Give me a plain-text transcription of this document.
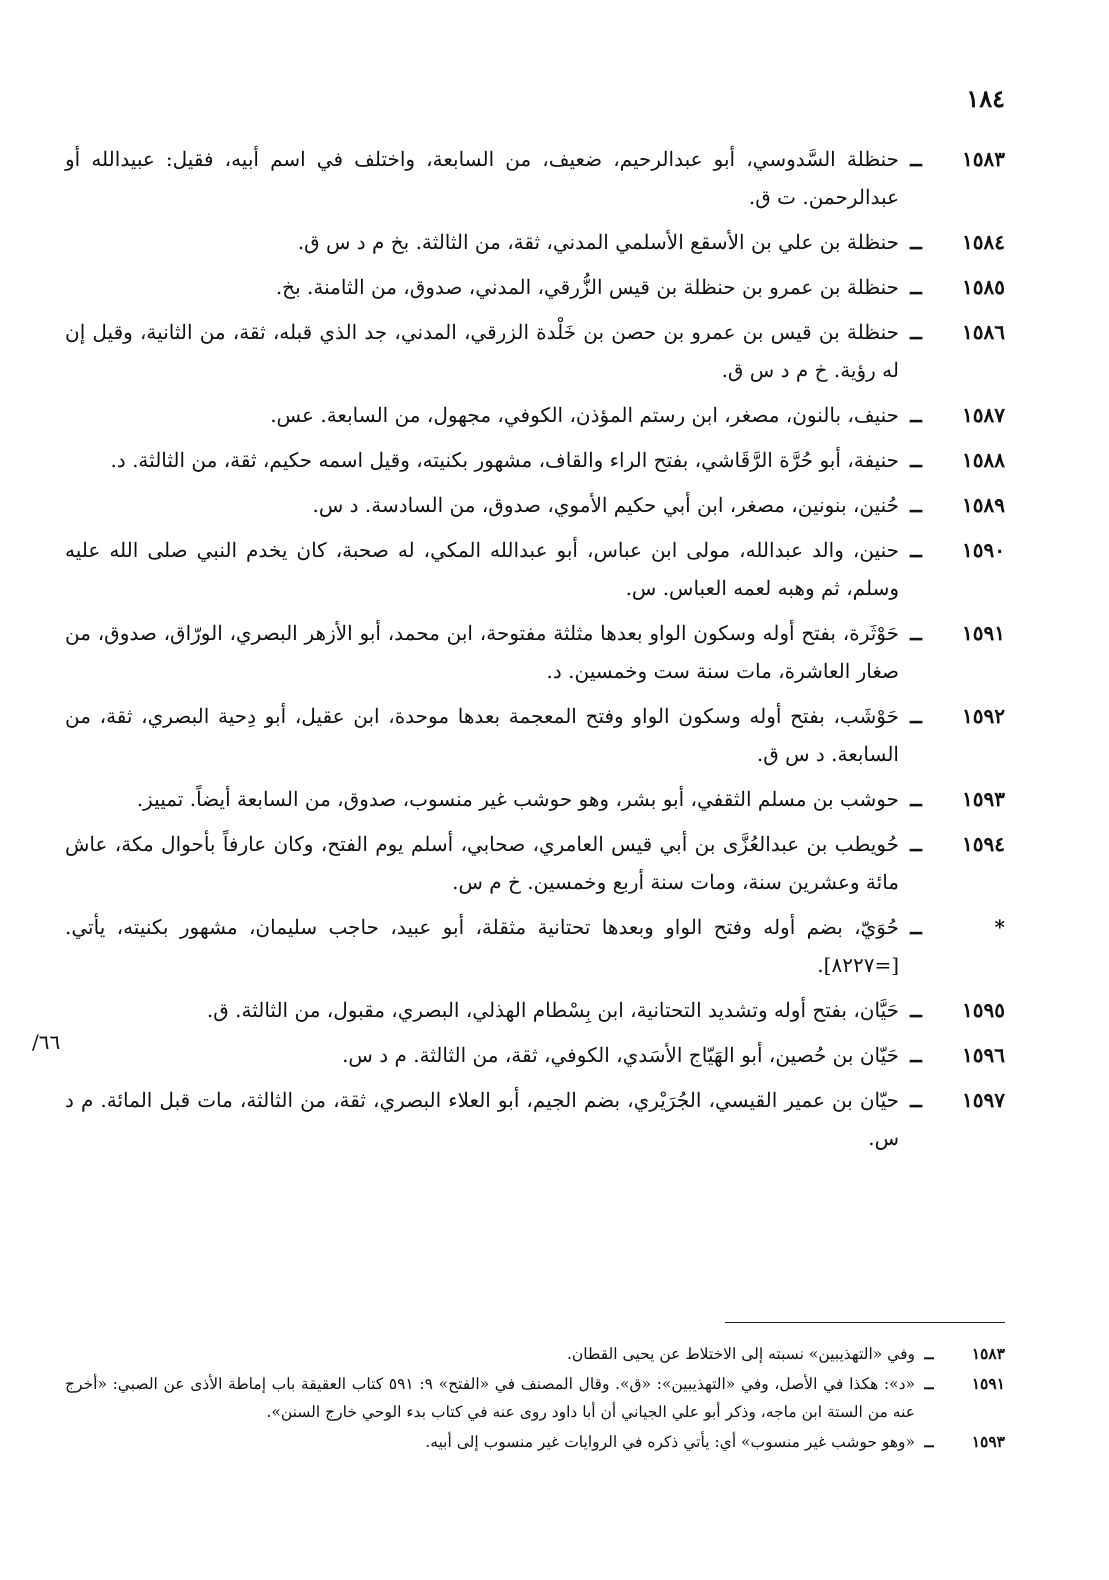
١٨٤
١٥٨٣
ــ
حنظلة السَّدوسي، أبو عبدالرحيم، ضعيف، من السابعة، واختلف في اسم أبيه، فقيل: عبيدالله أو عبدالرحمن. ت ق.
١٥٨٤
ــ
حنظلة بن علي بن الأسقع الأسلمي المدني، ثقة، من الثالثة. بخ م د س ق.
١٥٨٥
ــ
حنظلة بن عمرو بن حنظلة بن قيس الزُّرقي، المدني، صدوق، من الثامنة. بخ.
١٥٨٦
ــ
حنظلة بن قيس بن عمرو بن حصن بن خَلْدة الزرقي، المدني، جد الذي قبله، ثقة، من الثانية، وقيل إن له رؤية. خ م د س ق.
١٥٨٧
ــ
حنيف، بالنون، مصغر، ابن رستم المؤذن، الكوفي، مجهول، من السابعة. عس.
١٥٨٨
ــ
حنيفة، أبو حُرَّة الرَّقَاشي، بفتح الراء والقاف، مشهور بكنيته، وقيل اسمه حكيم، ثقة، من الثالثة. د.
١٥٨٩
ــ
حُنين، بنونين، مصغر، ابن أبي حكيم الأموي، صدوق، من السادسة. د س.
١٥٩٠
ــ
حنين، والد عبدالله، مولى ابن عباس، أبو عبدالله المكي، له صحبة، كان يخدم النبي صلى الله عليه وسلم، ثم وهبه لعمه العباس. س.
١٥٩١
ــ
حَوْثَرة، بفتح أوله وسكون الواو بعدها مثلثة مفتوحة، ابن محمد، أبو الأزهر البصري، الورّاق، صدوق، من صغار العاشرة، مات سنة ست وخمسين. د.
١٥٩٢
ــ
حَوْشَب، بفتح أوله وسكون الواو وفتح المعجمة بعدها موحدة، ابن عقيل، أبو دِحية البصري، ثقة، من السابعة. د س ق.
١٥٩٣
ــ
حوشب بن مسلم الثقفي، أبو بشر، وهو حوشب غير منسوب، صدوق، من السابعة أيضاً. تمييز.
١٥٩٤
ــ
حُويطب بن عبدالعُزَّى بن أبي قيس العامري، صحابي، أسلم يوم الفتح، وكان عارفاً بأحوال مكة، عاش مائة وعشرين سنة، ومات سنة أربع وخمسين. خ م س.
*
ــ
حُوَيّ، بضم أوله وفتح الواو وبعدها تحتانية مثقلة، أبو عبيد، حاجب سليمان، مشهور بكنيته، يأتي. [=٨٢٢٧].
١٥٩٥
ــ
حَيَّان، بفتح أوله وتشديد التحتانية، ابن بِسْطام الهذلي، البصري، مقبول، من الثالثة. ق.
١٥٩٦
ــ
حَيّان بن حُصين، أبو الهَيّاج الأسَدي، الكوفي، ثقة، من الثالثة. م د س.
١٥٩٧
ــ
حيّان بن عمير القيسي، الجُرَيْري، بضم الجيم، أبو العلاء البصري، ثقة، من الثالثة، مات قبل المائة. م د س.
٦٦/
١٥٨٣
ــ
وفي «التهذيبين» نسبته إلى الاختلاط عن يحيى القطان.
١٥٩١
ــ
«د»: هكذا في الأصل، وفي «التهذيبين»: «ق». وقال المصنف في «الفتح» ٩: ٥٩١ كتاب العقيقة باب إماطة الأذى عن الصبي: «أخرج عنه من الستة ابن ماجه، وذكر أبو علي الجياني أن أبا داود روى عنه في كتاب بدء الوحي خارج السنن».
١٥٩٣
ــ
«وهو حوشب غير منسوب» أي: يأتي ذكره في الروايات غير منسوب إلى أبيه.
